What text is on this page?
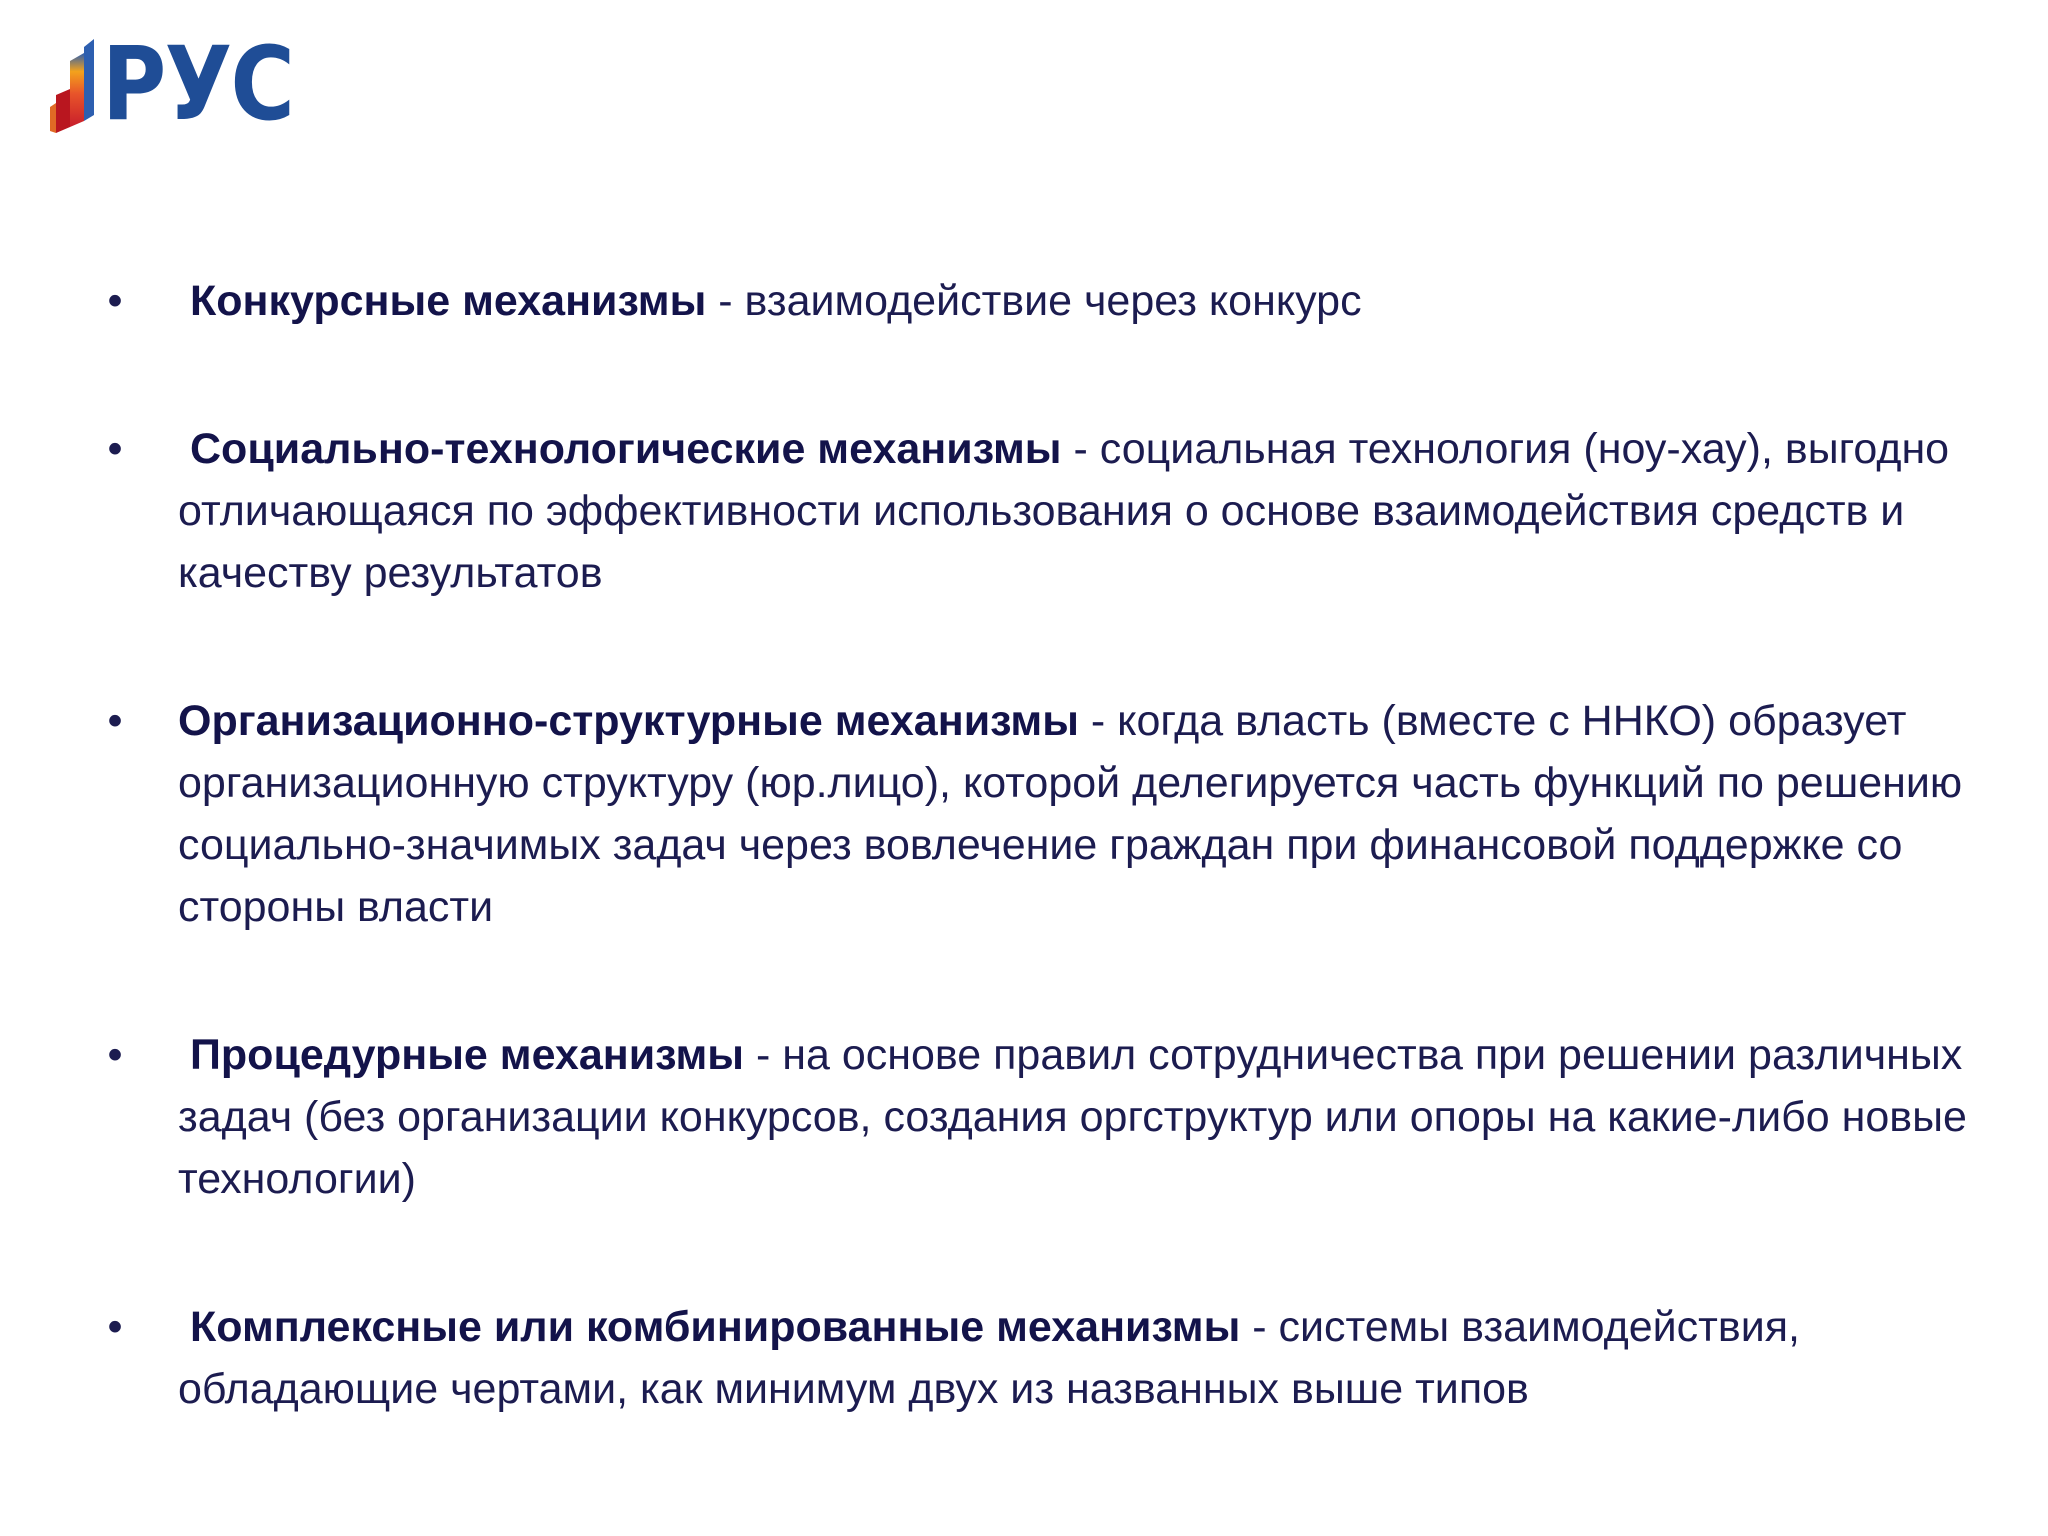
РУС
• Конкурсные механизмы - взаимодействие через конкурс
• Социально-технологические механизмы - социальная технология (ноу-хау), выгодно отличающаяся по эффективности использования о основе взаимодействия средств и качеству результатов
• Организационно-структурные механизмы - когда власть (вместе с ННКО) образует организационную структуру (юр.лицо), которой делегируется часть функций по решению социально-значимых задач через вовлечение граждан при финансовой поддержке со стороны власти
• Процедурные механизмы - на основе правил сотрудничества при решении различных задач (без организации конкурсов, создания оргструктур или опоры на какие-либо новые технологии)
• Комплексные или комбинированные механизмы - системы взаимодействия, обладающие чертами, как минимум двух из названных выше типов
